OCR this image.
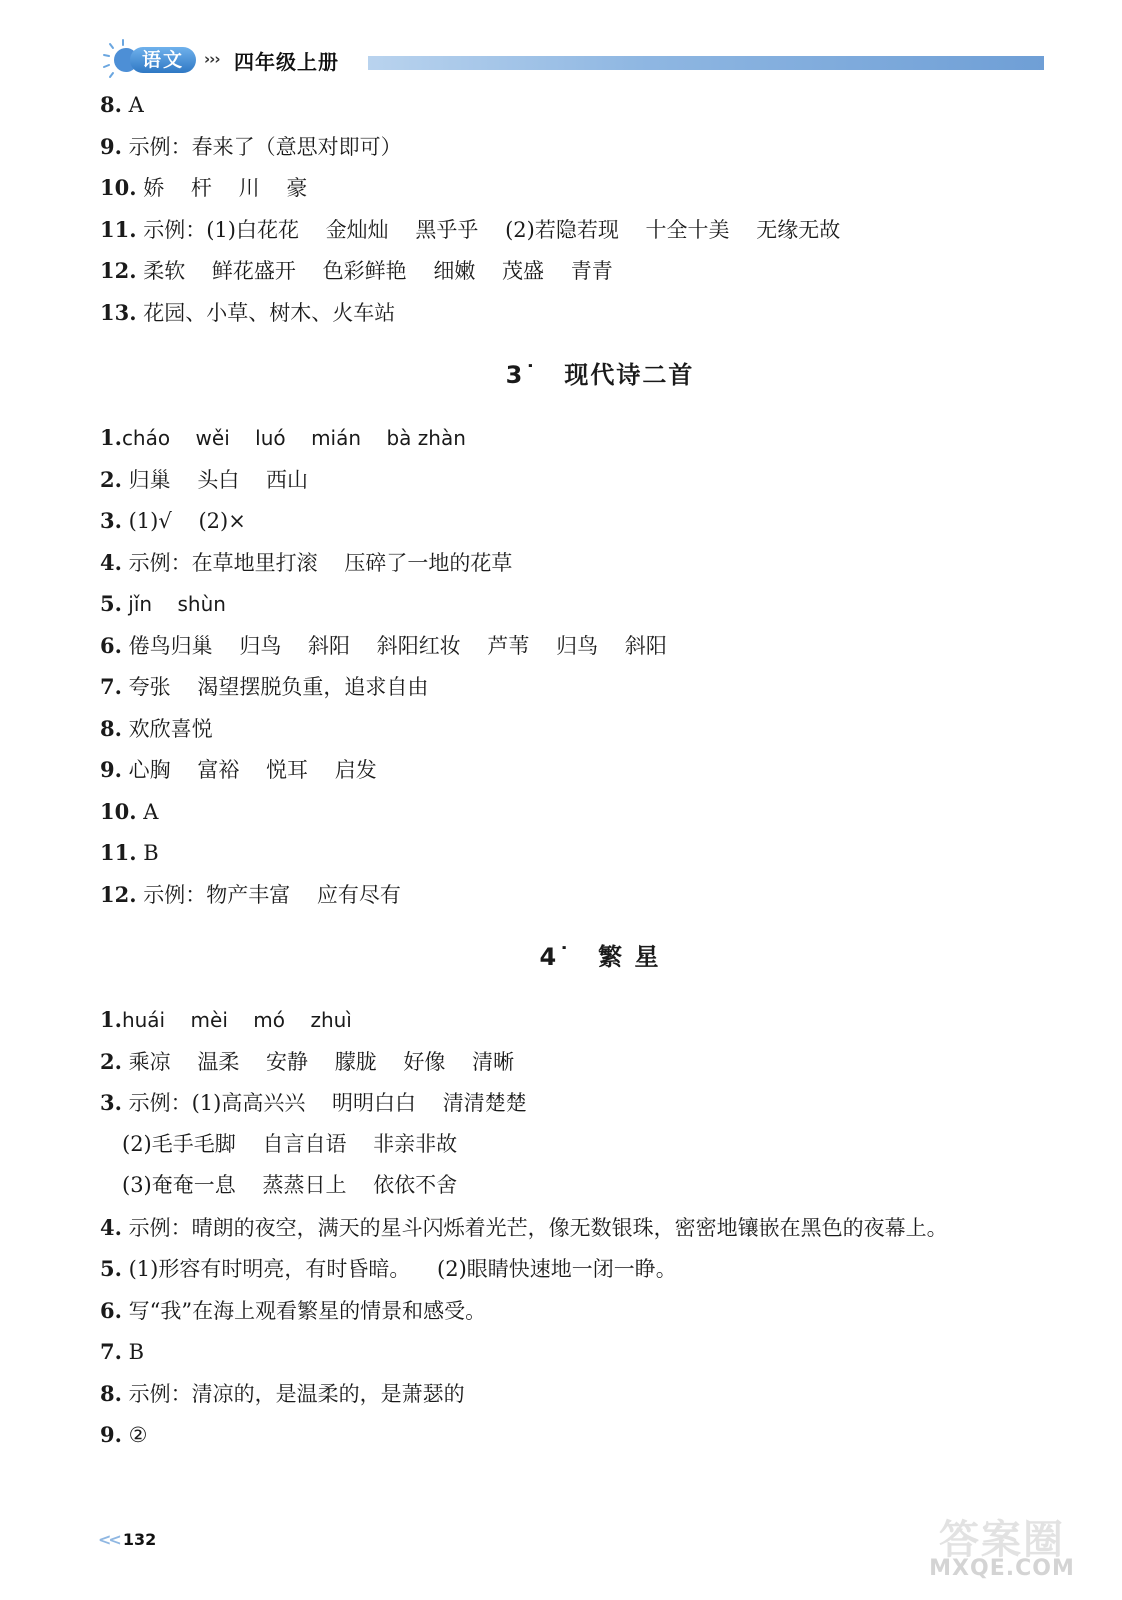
语文	››› 四年级上册
8. A
9. 示例：春来了（意思对即可）
10. 娇    杆    川    豪
11. 示例：(1)白花花    金灿灿    黑乎乎    (2)若隐若现    十全十美    无缘无故
12. 柔软    鲜花盛开    色彩鲜艳    细嫩    茂盛    青青
13. 花园、小草、树木、火车站
3˙ 现代诗二首
1.cháo    wěi    luó    mián    bà zhàn
2. 归巢    头白    西山
3. (1)√    (2)×
4. 示例：在草地里打滚    压碎了一地的花草
5. jǐn    shùn
6. 倦鸟归巢    归鸟    斜阳    斜阳红妆    芦苇    归鸟    斜阳
7. 夸张    渴望摆脱负重，追求自由
8. 欢欣喜悦
9. 心胸    富裕    悦耳    启发
10. A
11. B
12. 示例：物产丰富    应有尽有
4˙ 繁 星
1.huái    mèi    mó    zhuì
2. 乘凉    温柔    安静    朦胧    好像    清晰
3. 示例：(1)高高兴兴    明明白白    清清楚楚
(2)毛手毛脚    自言自语    非亲非故
(3)奄奄一息    蒸蒸日上    依依不舍
4. 示例：晴朗的夜空，满天的星斗闪烁着光芒，像无数银珠，密密地镶嵌在黑色的夜幕上。
5. (1)形容有时明亮，有时昏暗。    (2)眼睛快速地一闭一睁。
6. 写“我”在海上观看繁星的情景和感受。
7. B
8. 示例：清凉的，是温柔的，是萧瑟的
9. ②
<< 132	答案圈
MXQE.COM
